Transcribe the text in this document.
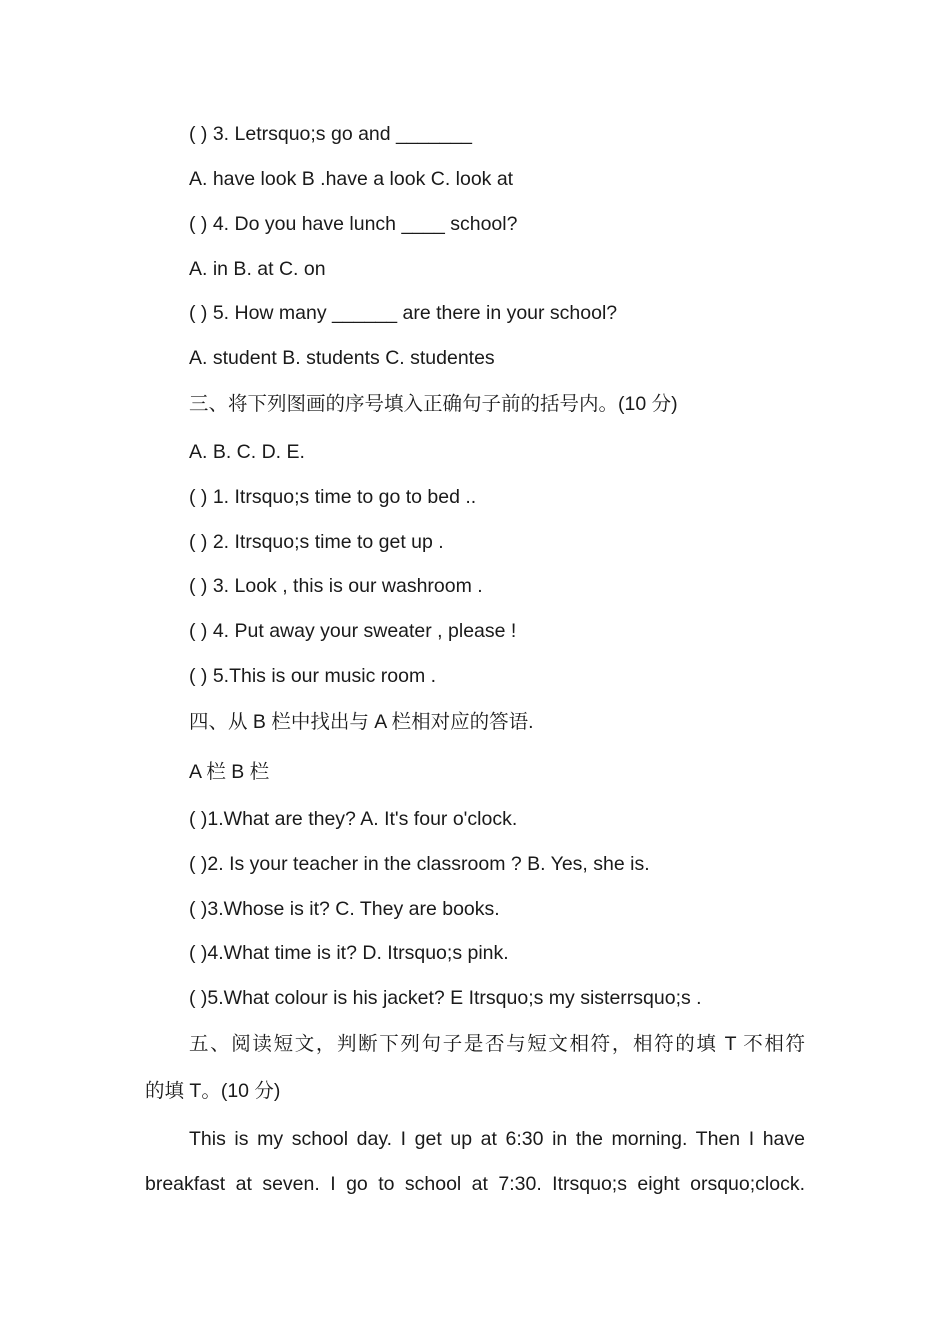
( ) 3. Letrsquo;s go and _______
A. have look B .have a look C. look at
( ) 4. Do you have lunch ____ school?
A. in B. at C. on
( ) 5. How many ______ are there in your school?
A. student B. students C. studentes
三、将下列图画的序号填入正确句子前的括号内。(10 分)
A. B. C. D. E.
( ) 1. Itrsquo;s time to go to bed ..
( ) 2. Itrsquo;s time to get up .
( ) 3. Look , this is our washroom .
( ) 4. Put away your sweater , please !
( ) 5.This is our music room .
四、从 B 栏中找出与 A 栏相对应的答语.
A 栏 B 栏
( )1.What are they? A. It's four o'clock.
( )2. Is your teacher in the classroom ? B. Yes, she is.
( )3.Whose is it? C. They are books.
( )4.What time is it? D. Itrsquo;s pink.
( )5.What colour is his jacket? E Itrsquo;s my sisterrsquo;s .
五、阅读短文，判断下列句子是否与短文相符，相符的填 T 不相符
的填 T。(10 分)
This is my school day. I get up at 6:30 in the morning. Then I have
breakfast at seven. I go to school at 7:30. Itrsquo;s eight orsquo;clock.
